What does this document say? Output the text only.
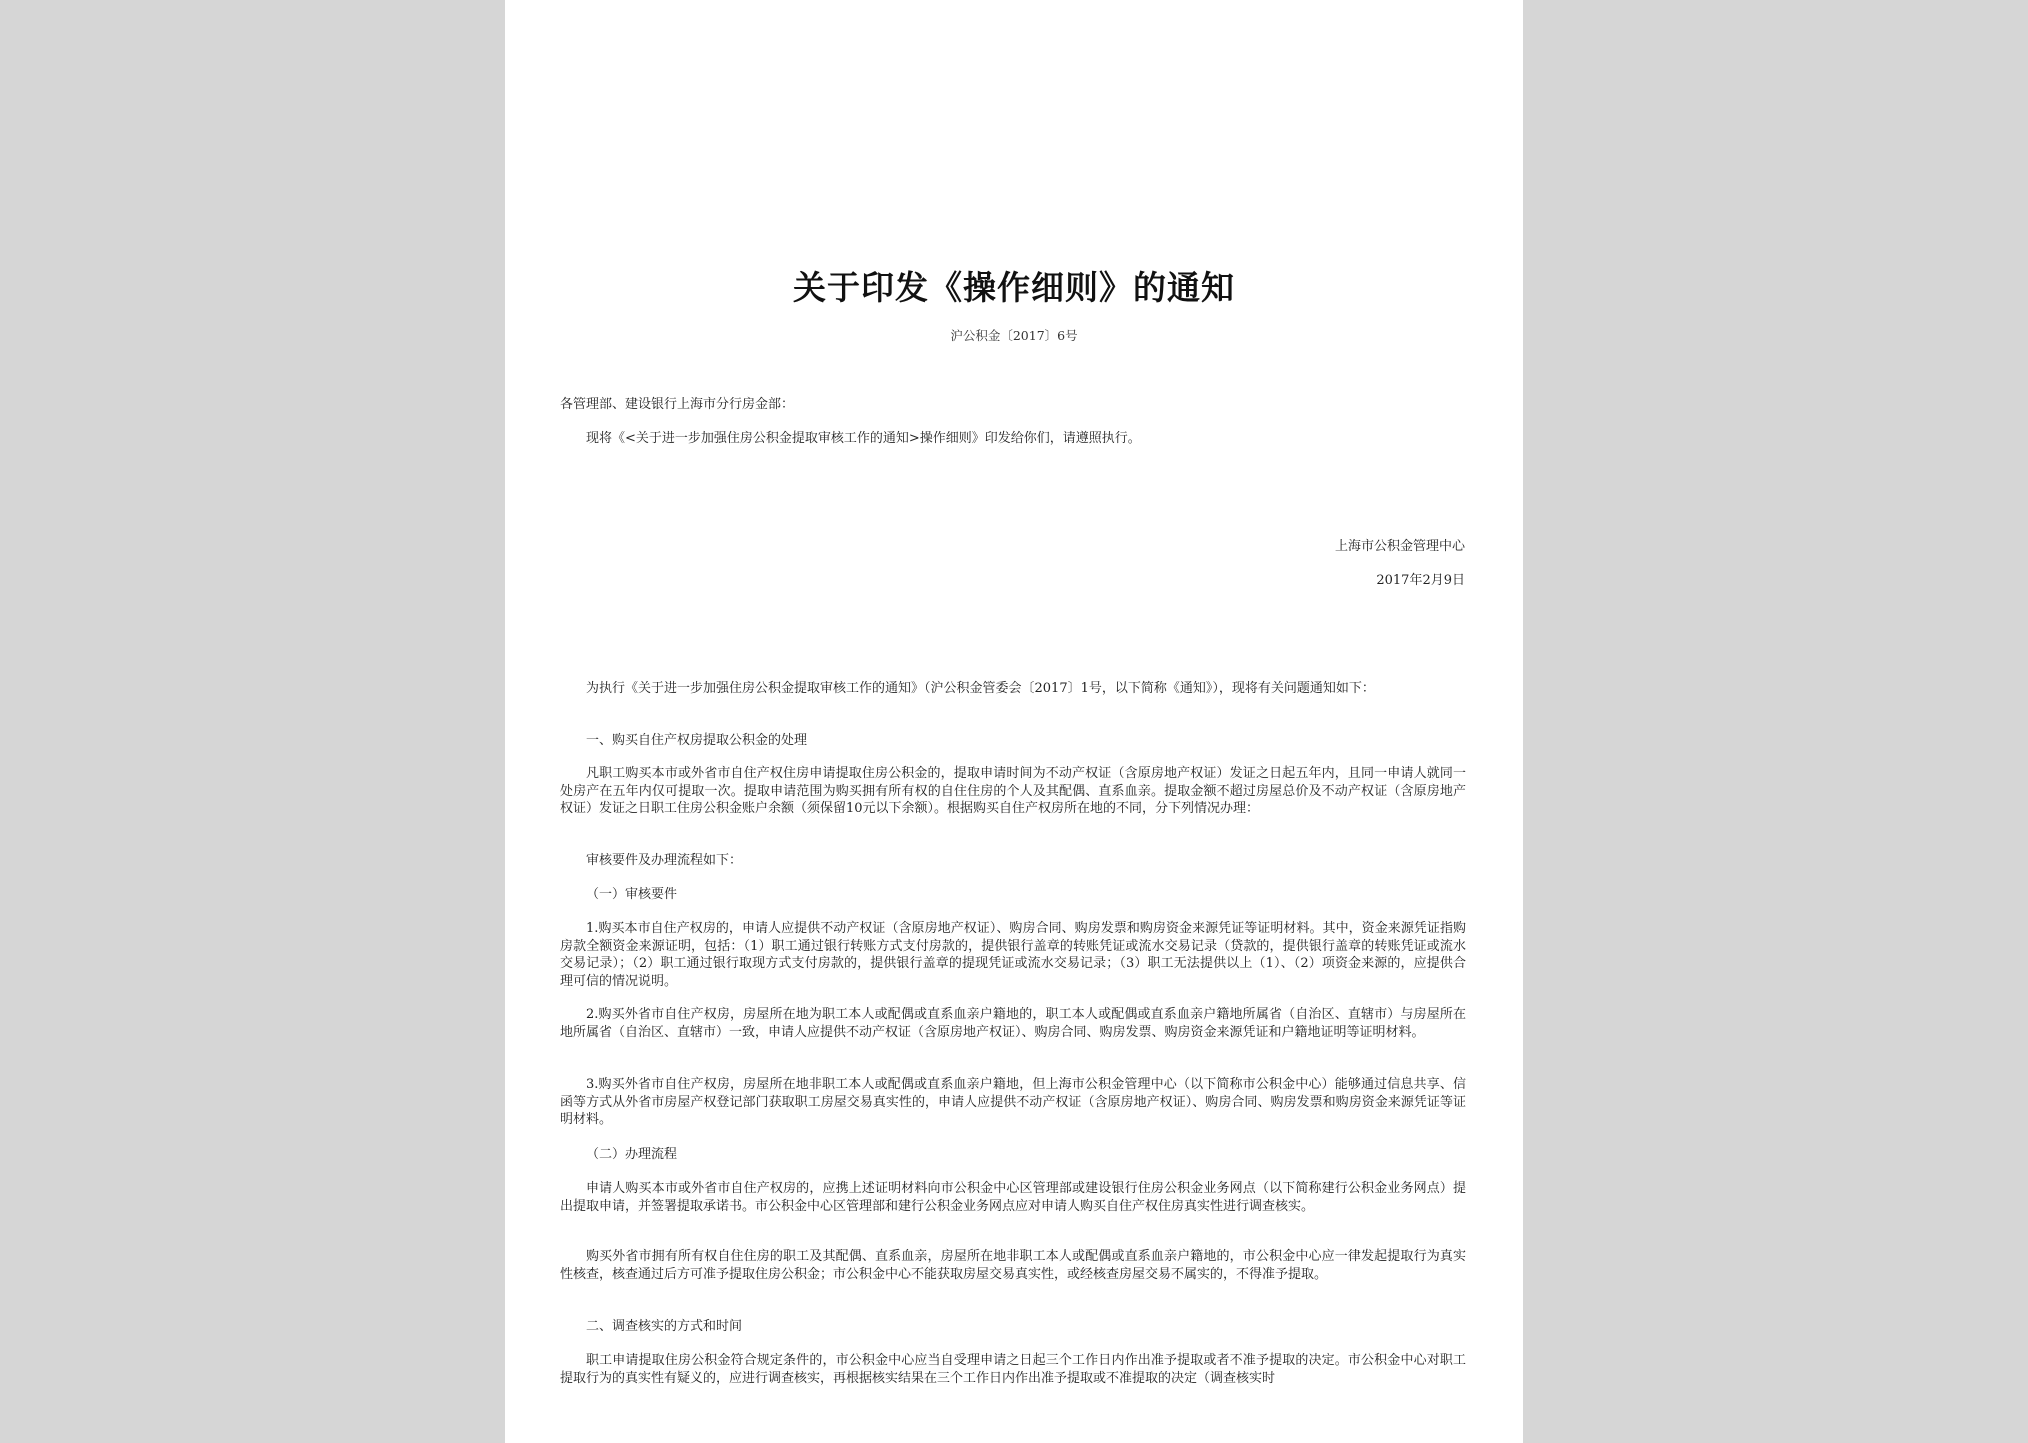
关于印发《操作细则》的通知
沪公积金〔2017〕6号

各管理部、建设银行上海市分行房金部：

现将《<关于进一步加强住房公积金提取审核工作的通知>操作细则》印发给你们，请遵照执行。

上海市公积金管理中心
2017年2月9日

为执行《关于进一步加强住房公积金提取审核工作的通知》（沪公积金管委会〔2017〕1号，以下简称《通知》），现将有关问题通知如下：

一、购买自住产权房提取公积金的处理

凡职工购买本市或外省市自住产权住房申请提取住房公积金的，提取申请时间为不动产权证（含原房地产权证）发证之日起五年内，且同一申请人就同一处房产在五年内仅可提取一次。提取申请范围为购买拥有所有权的自住住房的个人及其配偶、直系血亲。提取金额不超过房屋总价及不动产权证（含原房地产权证）发证之日职工住房公积金账户余额（须保留10元以下余额）。根据购买自住产权房所在地的不同，分下列情况办理：

审核要件及办理流程如下：

（一）审核要件

1.购买本市自住产权房的，申请人应提供不动产权证（含原房地产权证）、购房合同、购房发票和购房资金来源凭证等证明材料。其中，资金来源凭证指购房款全额资金来源证明，包括：（1）职工通过银行转账方式支付房款的，提供银行盖章的转账凭证或流水交易记录（贷款的，提供银行盖章的转账凭证或流水交易记录）；（2）职工通过银行取现方式支付房款的，提供银行盖章的提现凭证或流水交易记录；（3）职工无法提供以上（1）、（2）项资金来源的，应提供合理可信的情况说明。

2.购买外省市自住产权房，房屋所在地为职工本人或配偶或直系血亲户籍地的，职工本人或配偶或直系血亲户籍地所属省（自治区、直辖市）与房屋所在地所属省（自治区、直辖市）一致，申请人应提供不动产权证（含原房地产权证）、购房合同、购房发票、购房资金来源凭证和户籍地证明等证明材料。

3.购买外省市自住产权房，房屋所在地非职工本人或配偶或直系血亲户籍地，但上海市公积金管理中心（以下简称市公积金中心）能够通过信息共享、信函等方式从外省市房屋产权登记部门获取职工房屋交易真实性的，申请人应提供不动产权证（含原房地产权证）、购房合同、购房发票和购房资金来源凭证等证明材料。

（二）办理流程

申请人购买本市或外省市自住产权房的，应携上述证明材料向市公积金中心区管理部或建设银行住房公积金业务网点（以下简称建行公积金业务网点）提出提取申请，并签署提取承诺书。市公积金中心区管理部和建行公积金业务网点应对申请人购买自住产权住房真实性进行调查核实。

购买外省市拥有所有权自住住房的职工及其配偶、直系血亲，房屋所在地非职工本人或配偶或直系血亲户籍地的，市公积金中心应一律发起提取行为真实性核查，核查通过后方可准予提取住房公积金；市公积金中心不能获取房屋交易真实性，或经核查房屋交易不属实的，不得准予提取。

二、调查核实的方式和时间

职工申请提取住房公积金符合规定条件的，市公积金中心应当自受理申请之日起三个工作日内作出准予提取或者不准予提取的决定。市公积金中心对职工提取行为的真实性有疑义的，应进行调查核实，再根据核实结果在三个工作日内作出准予提取或不准提取的决定（调查核实时
